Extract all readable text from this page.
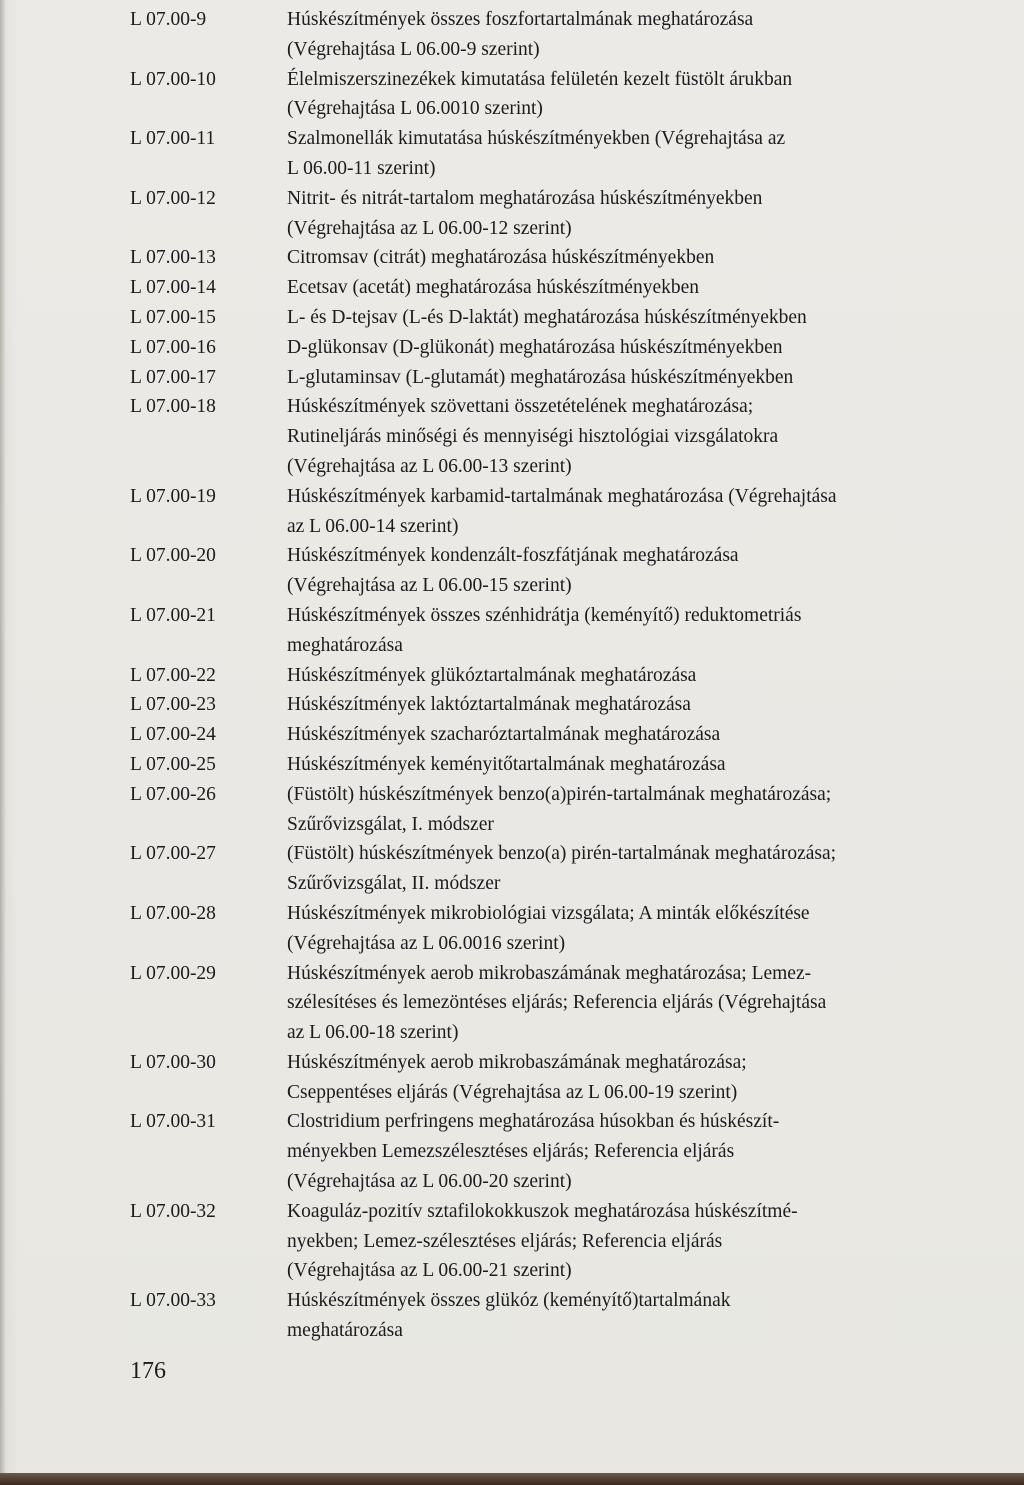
L 07.00-9	Húskészítmények összes foszfortartalmának meghatározása
(Végrehajtása L 06.00-9 szerint)
L 07.00-10	Élelmiszerszinezékek kimutatása felületén kezelt füstölt árukban
(Végrehajtása L 06.0010 szerint)
L 07.00-11	Szalmonellák kimutatása húskészítményekben (Végrehajtása az
L 06.00-11 szerint)
L 07.00-12	Nitrit- és nitrát-tartalom meghatározása húskészítményekben
(Végrehajtása az L 06.00-12 szerint)
L 07.00-13	Citromsav (citrát) meghatározása húskészítményekben
L 07.00-14	Ecetsav (acetát) meghatározása húskészítményekben
L 07.00-15	L- és D-tejsav (L-és D-laktát) meghatározása húskészítményekben
L 07.00-16	D-glükonsav (D-glükonát) meghatározása húskészítményekben
L 07.00-17	L-glutaminsav (L-glutamát) meghatározása húskészítményekben
L 07.00-18	Húskészítmények szövettani összetételének meghatározása;
Rutineljárás minőségi és mennyiségi hisztológiai vizsgálatokra
(Végrehajtása az L 06.00-13 szerint)
L 07.00-19	Húskészítmények karbamid-tartalmának meghatározása (Végrehajtása
az L 06.00-14 szerint)
L 07.00-20	Húskészítmények kondenzált-foszfátjának meghatározása
(Végrehajtása az L 06.00-15 szerint)
L 07.00-21	Húskészítmények összes szénhidrátja (keményítő) reduktometriás
meghatározása
L 07.00-22	Húskészítmények glükóztartalmának meghatározása
L 07.00-23	Húskészítmények laktóztartalmának meghatározása
L 07.00-24	Húskészítmények szacharóztartalmának meghatározása
L 07.00-25	Húskészítmények keményitőtartalmának meghatározása
L 07.00-26	(Füstölt) húskészítmények benzo(a)pirén-tartalmának meghatározása;
Szűrővizsgálat, I. módszer
L 07.00-27	(Füstölt) húskészítmények benzo(a) pirén-tartalmának meghatározása;
Szűrővizsgálat, II. módszer
L 07.00-28	Húskészítmények mikrobiológiai vizsgálata; A minták előkészítése
(Végrehajtása az L 06.0016 szerint)
L 07.00-29	Húskészítmények aerob mikrobaszámának meghatározása; Lemez-
szélesítéses és lemezöntéses eljárás; Referencia eljárás (Végrehajtása
az L 06.00-18 szerint)
L 07.00-30	Húskészítmények aerob mikrobaszámának meghatározása;
Cseppentéses eljárás (Végrehajtása az L 06.00-19 szerint)
L 07.00-31	Clostridium perfringens meghatározása húsokban és húskészít-
ményekben Lemezszélesztéses eljárás; Referencia eljárás
(Végrehajtása az L 06.00-20 szerint)
L 07.00-32	Koaguláz-pozitív sztafilokokkuszok meghatározása húskészítmé-
nyekben; Lemez-szélesztéses eljárás; Referencia eljárás
(Végrehajtása az L 06.00-21 szerint)
L 07.00-33	Húskészítmények összes glükóz (keményítő)tartalmának
meghatározása
176
